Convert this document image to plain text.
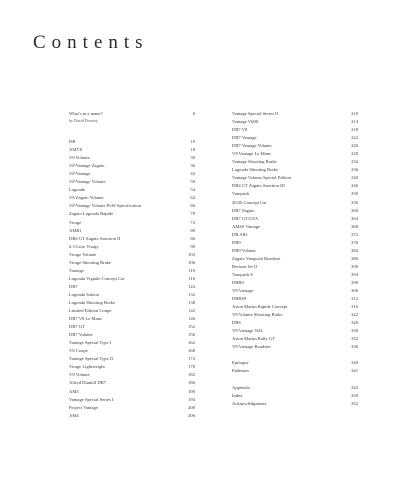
Contents
What's in a name?	6
by David Dowsey
DB	10
AMV8	18
V8 Volante	30
V8 Vantage Zagato	36
V8 Vantage	42
V8 Vantage Volante	50
Lagonda	54
V8 Zagato Volante	62
V8 Vantage Volante PoW Specification	66
Zagato Lagonda Rapide	70
Virage	72
AMR1	80
DB4 GT Zagato Sanction II	86
6.3-Litre Virage	90
Virage Volante	102
Virage Shooting Brake	106
Vantage	110
Lagonda Vignale Concept Car	116
DB7	124
Lagonda Saloon	134
Lagonda Shooting Brake	138
Limited Edition Coupe	142
DB7 V8 Le Mans	146
DB7 GT	152
DB7 Volante	156
Vantage Special Type I	162
V8 Coupe	168
Vantage Special Type II	172
Virage Lightweight	178
V8 Volante	182
Alfred Dunhill DB7	186
AM3	190
Vantage Special Series I	194
Project Vantage	200
AM4	206
Vantage Special Series II	210
Vantage V600	214
DB7 V8	218
DB7 Vantage	222
DB7 Vantage Volante	226
V8 Vantage Le Mans	228
Vantage Shooting Brake	232
Lagonda Shooting Brake	236
Vantage Volante Special Edition	240
DB4 GT Zagato Sanction III	246
Vanquish	250
20/20 Concept Car	256
DB7 Zagato	260
DB7 GT/GTA	264
AM4S Vantage	268
DB AR1	272
DB9	276
DB9 Volante	282
Zagato Vanquish Roadster	286
Bertone Jet II	290
Vanquish S	294
DBR9	298
V8 Vantage	306
DBRS9	312
Aston Martin Rapide Concept	316
V8 Volante Shooting Brake	322
DBS	326
V8 Vantage N24	330
Aston Martin Rally GT	332
V8 Vantage Roadster	336
Epilogue	340
Endnotes	341
Appendix	342
Index	350
Acknowledgments	352
